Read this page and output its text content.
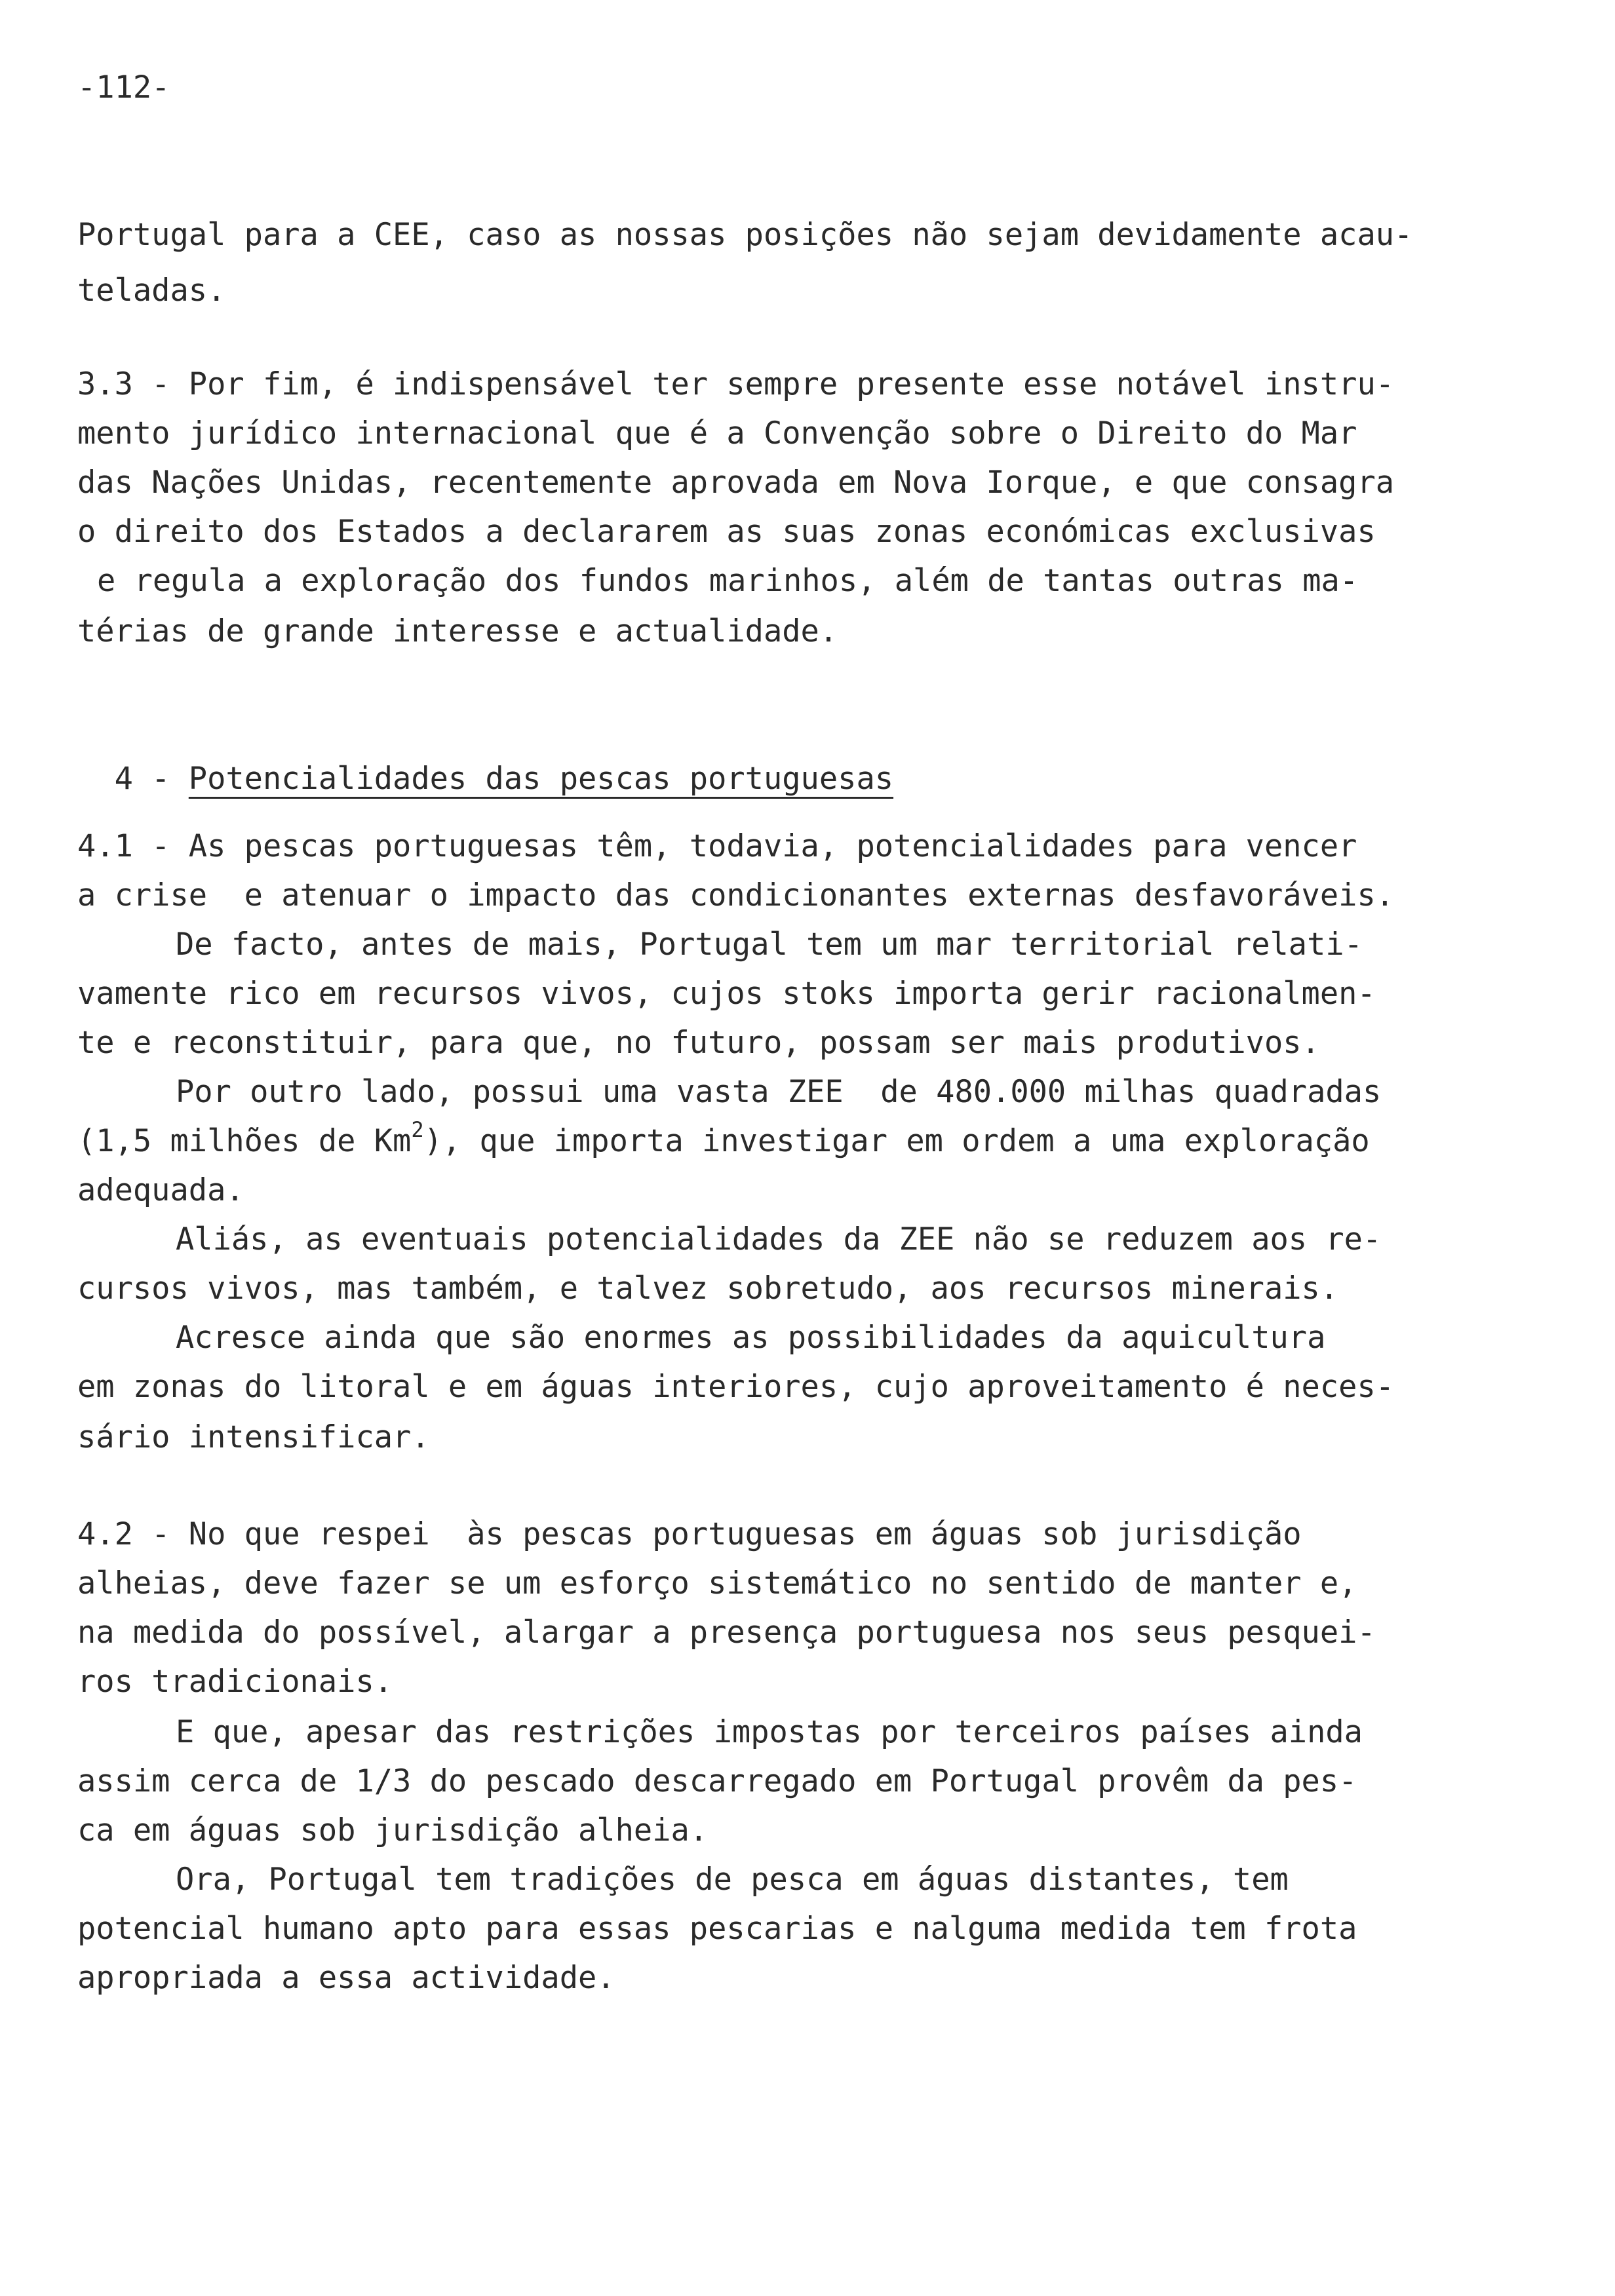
-112-
Portugal para a CEE, caso as nossas posições não sejam devidamente acau-
teladas.
3.3 - Por fim, é indispensável ter sempre presente esse notável instru-
mento jurídico internacional que é a Convenção sobre o Direito do Mar
das Nações Unidas, recentemente aprovada em Nova Iorque, e que consagra
o direito dos Estados a declararem as suas zonas económicas exclusivas
e regula a exploração dos fundos marinhos, além de tantas outras ma-
térias de grande interesse e actualidade.

4 - Potencialidades das pescas portuguesas

4.1 - As pescas portuguesas têm, todavia, potencialidades para vencer
a crise  e atenuar o impacto das condicionantes externas desfavoráveis.
De facto, antes de mais, Portugal tem um mar territorial relati-
vamente rico em recursos vivos, cujos stoks importa gerir racionalmen-
te e reconstituir, para que, no futuro, possam ser mais produtivos.
Por outro lado, possui uma vasta ZEE  de 480.000 milhas quadradas
(1,5 milhões de Km$^2$), que importa investigar em ordem a uma exploração
adequada.
Aliás, as eventuais potencialidades da ZEE não se reduzem aos re-
cursos vivos, mas também, e talvez sobretudo, aos recursos minerais.
Acresce ainda que são enormes as possibilidades da aquicultura
em zonas do litoral e em águas interiores, cujo aproveitamento é neces-
sário intensificar.
4.2 - No que respei  às pescas portuguesas em águas sob jurisdição
alheias, deve fazer se um esforço sistemático no sentido de manter e,
na medida do possível, alargar a presença portuguesa nos seus pesquei-
ros tradicionais.
E que, apesar das restrições impostas por terceiros países ainda
assim cerca de 1/3 do pescado descarregado em Portugal provêm da pes-
ca em águas sob jurisdição alheia.
Ora, Portugal tem tradições de pesca em águas distantes, tem
potencial humano apto para essas pescarias e nalguma medida tem frota
apropriada a essa actividade.
